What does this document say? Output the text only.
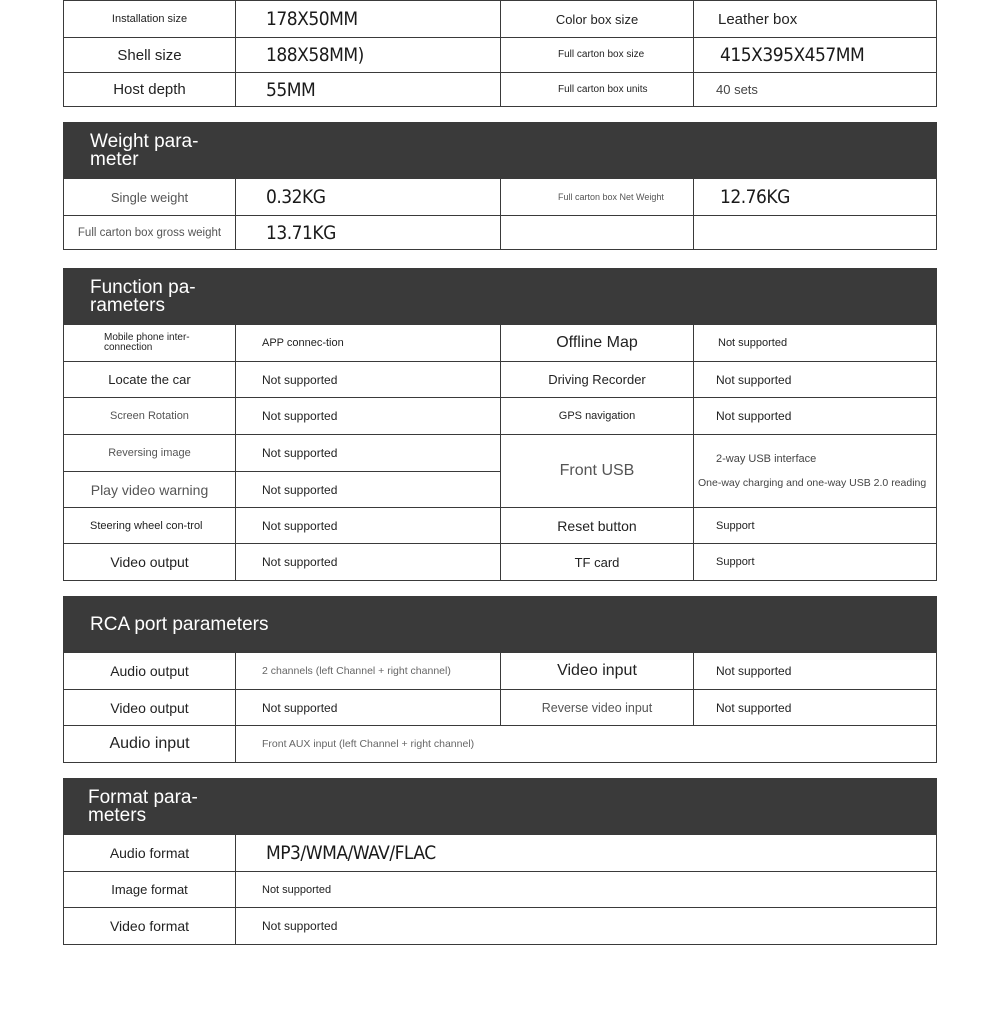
Installation size	178X50MM	Color box size	Leather box
Shell size	188X58MM)	Full carton box size	415X395X457MM
Host depth	55MM	Full carton box units	40 sets
Weight para-meter			

Single weight	0.32KG	Full carton box Net Weight	12.76KG
Full carton box gross weight	13.71KG		
Function pa-rameters			

Mobile phone inter-connection	APP connec-tion	Offline Map	Not supported
Locate the car	Not supported	Driving Recorder	Not supported
Screen Rotation	Not supported	GPS navigation	Not supported
Reversing image	Not supported	Front USB	2-way USB interface
One-way charging and one-way USB 2.0 reading

Play video warning	Not supported		
Steering wheel con-trol	Not supported	Reset button	Support
Video output	Not supported	TF card	Support
RCA port parameters			

Audio output	2 channels (left Channel + right channel)	Video input	Not supported
Video output	Not supported	Reverse video input	Not supported
Audio input	Front AUX input (left Channel + right channel)		
Format para-meters	

Audio format	MP3/WMA/WAV/FLAC
Image format	Not supported
Video format	Not supported
